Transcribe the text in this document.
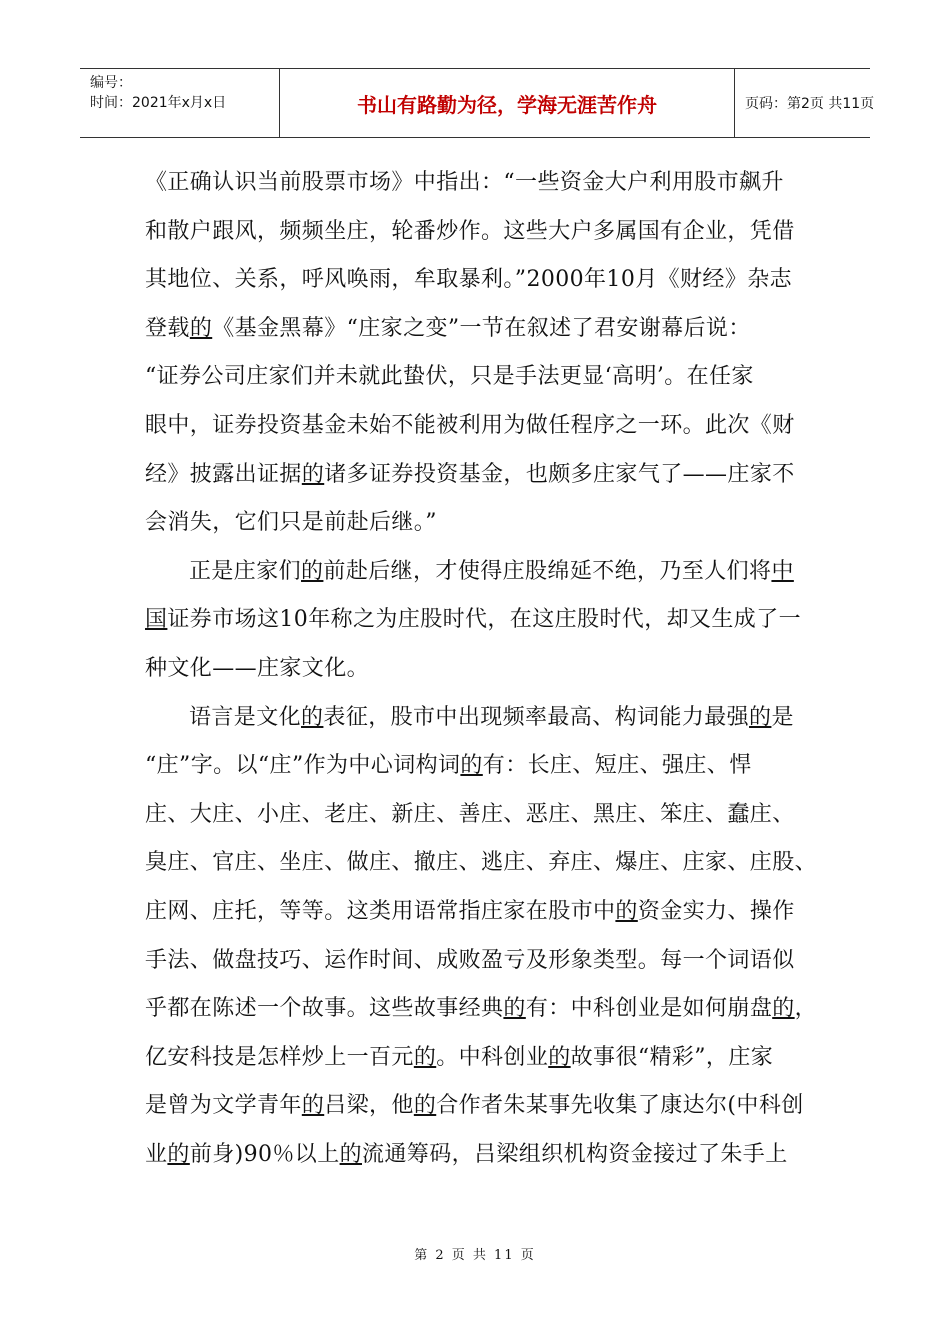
编号：
时间：2021年x月x日	书山有路勤为径，学海无涯苦作舟	页码：第2页 共11页
《正确认识当前股票市场》中指出：“一些资金大户利用股市飙升
和散户跟风，频频坐庄，轮番炒作。这些大户多属国有企业，凭借
其地位、关系，呼风唤雨，牟取暴利。”2000年10月《财经》杂志
登载的《基金黑幕》“庄家之变”一节在叙述了君安谢幕后说：
“证券公司庄家们并未就此蛰伏，只是手法更显‘高明’。在任家
眼中，证券投资基金未始不能被利用为做任程序之一环。此次《财
经》披露出证据的诸多证券投资基金，也颇多庄家气了——庄家不
会消失，它们只是前赴后继。”
正是庄家们的前赴后继，才使得庄股绵延不绝，乃至人们将中
国证券市场这10年称之为庄股时代，在这庄股时代，却又生成了一
种文化——庄家文化。
语言是文化的表征，股市中出现频率最高、构词能力最强的是
“庄”字。以“庄”作为中心词构词的有：长庄、短庄、强庄、悍
庄、大庄、小庄、老庄、新庄、善庄、恶庄、黑庄、笨庄、蠢庄、
臭庄、官庄、坐庄、做庄、撤庄、逃庄、弃庄、爆庄、庄家、庄股、
庄网、庄托，等等。这类用语常指庄家在股市中的资金实力、操作
手法、做盘技巧、运作时间、成败盈亏及形象类型。每一个词语似
乎都在陈述一个故事。这些故事经典的有：中科创业是如何崩盘的，
亿安科技是怎样炒上一百元的。中科创业的故事很“精彩”，庄家
是曾为文学青年的吕梁，他的合作者朱某事先收集了康达尔(中科创
业的前身)90％以上的流通筹码，吕梁组织机构资金接过了朱手上
第 2 页 共 11 页
